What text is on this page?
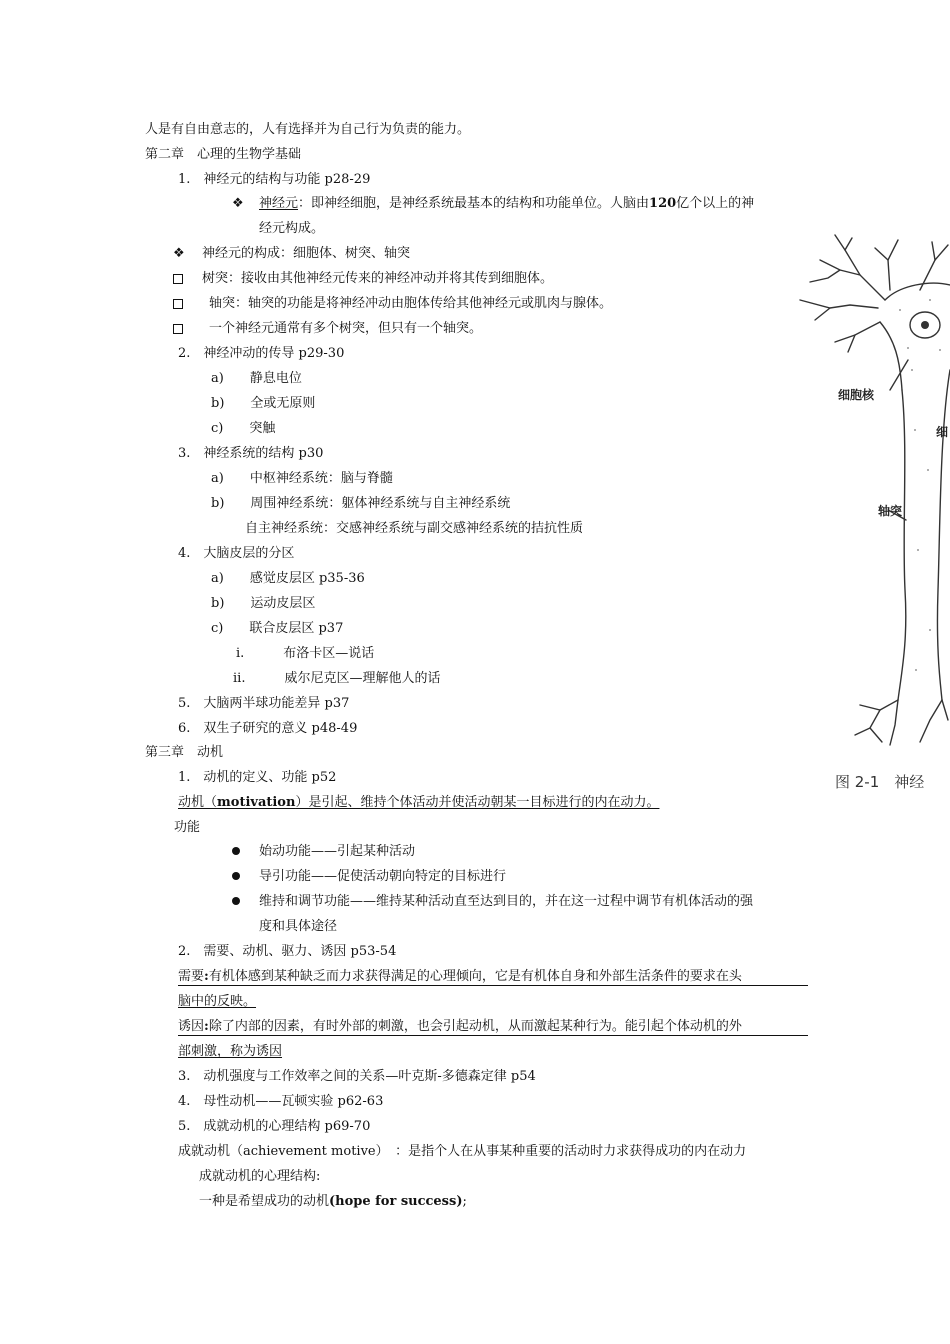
人是有自由意志的，人有选择并为自己行为负责的能力。
第二章　心理的生物学基础
1.　神经元的结构与功能 p28-29
❖ 神经元：即神经细胞，是神经系统最基本的结构和功能单位。人脑由120亿个以上的神
经元构成。
❖ 神经元的构成：细胞体、树突、轴突
树突：接收由其他神经元传来的神经冲动并将其传到细胞体。
轴突：轴突的功能是将神经冲动由胞体传给其他神经元或肌肉与腺体。
一个神经元通常有多个树突，但只有一个轴突。
2.　神经冲动的传导 p29-30
a)　　静息电位
b)　　全或无原则
c)　　突触
3.　神经系统的结构 p30
a)　　中枢神经系统：脑与脊髓
b)　　周围神经系统：躯体神经系统与自主神经系统
自主神经系统：交感神经系统与副交感神经系统的拮抗性质
4.　大脑皮层的分区
a)　　感觉皮层区 p35-36
b)　　运动皮层区
c)　　联合皮层区 p37
i.　　　布洛卡区—说话
ii.　　　威尔尼克区—理解他人的话
5.　大脑两半球功能差异 p37
6.　双生子研究的意义 p48-49
第三章　动机
1.　动机的定义、功能 p52
动机（motivation）是引起、维持个体活动并使活动朝某一目标进行的内在动力。
功能
始动功能——引起某种活动
导引功能——促使活动朝向特定的目标进行
维持和调节功能——维持某种活动直至达到目的，并在这一过程中调节有机体活动的强
度和具体途径
2.　需要、动机、驱力、诱因 p53-54
需要:有机体感到某种缺乏而力求获得满足的心理倾向，它是有机体自身和外部生活条件的要求在头
脑中的反映。
诱因:除了内部的因素，有时外部的刺激，也会引起动机，从而激起某种行为。能引起个体动机的外
部刺激，称为诱因
3.　动机强度与工作效率之间的关系—叶克斯-多德森定律 p54
4.　母性动机——瓦顿实验 p62-63
5.　成就动机的心理结构 p69-70
成就动机（achievement motive）　：是指个人在从事某种重要的活动时力求获得成功的内在动力
成就动机的心理结构:
一种是希望成功的动机(hope for success);
细胞核
细
轴突
图 2-1　神经
